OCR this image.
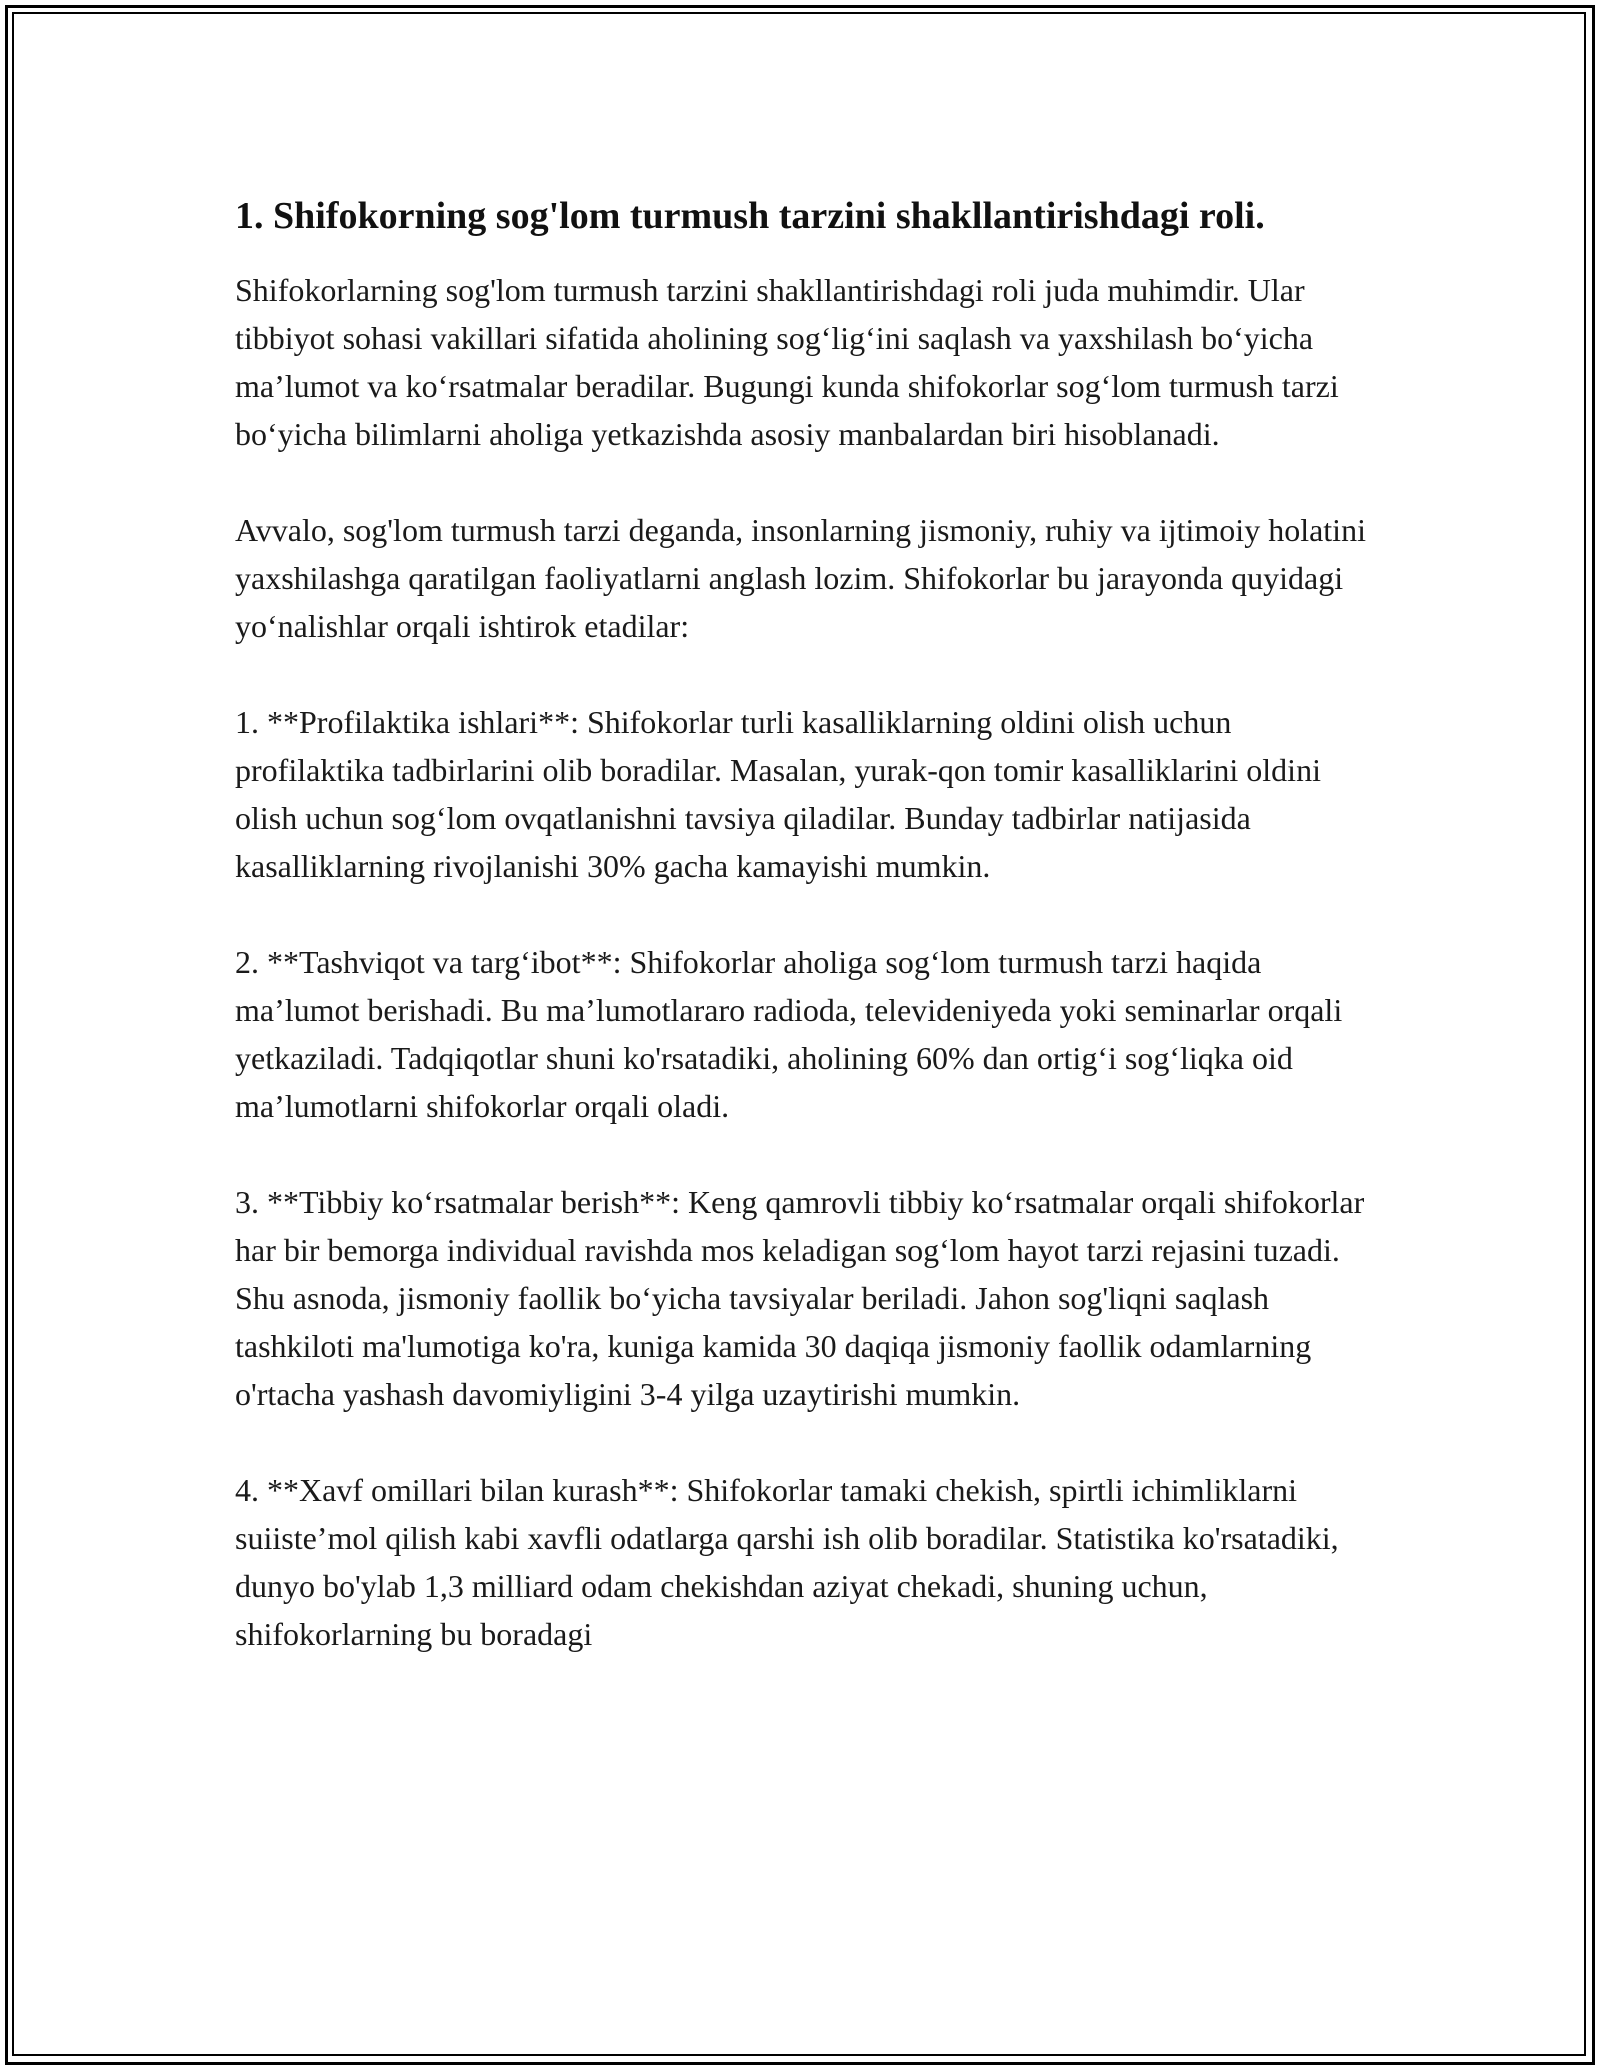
1. Shifokorning sog'lom turmush tarzini shakllantirishdagi roli.

Shifokorlarning sog'lom turmush tarzini shakllantirishdagi roli juda muhimdir. Ular tibbiyot sohasi vakillari sifatida aholining sog‘lig‘ini saqlash va yaxshilash bo‘yicha ma’lumot va ko‘rsatmalar beradilar. Bugungi kunda shifokorlar sog‘lom turmush tarzi bo‘yicha bilimlarni aholiga yetkazishda asosiy manbalardan biri hisoblanadi.

Avvalo, sog'lom turmush tarzi deganda, insonlarning jismoniy, ruhiy va ijtimoiy holatini yaxshilashga qaratilgan faoliyatlarni anglash lozim. Shifokorlar bu jarayonda quyidagi yo‘nalishlar orqali ishtirok etadilar:

1. **Profilaktika ishlari**: Shifokorlar turli kasalliklarning oldini olish uchun profilaktika tadbirlarini olib boradilar. Masalan, yurak-qon tomir kasalliklarini oldini olish uchun sog‘lom ovqatlanishni tavsiya qiladilar. Bunday tadbirlar natijasida kasalliklarning rivojlanishi 30% gacha kamayishi mumkin.

2. **Tashviqot va targ‘ibot**: Shifokorlar aholiga sog‘lom turmush tarzi haqida ma’lumot berishadi. Bu ma’lumotlararo radioda, televideniyeda yoki seminarlar orqali yetkaziladi. Tadqiqotlar shuni ko'rsatadiki, aholining 60% dan ortig‘i sog‘liqka oid ma’lumotlarni shifokorlar orqali oladi.

3. **Tibbiy ko‘rsatmalar berish**: Keng qamrovli tibbiy ko‘rsatmalar orqali shifokorlar har bir bemorga individual ravishda mos keladigan sog‘lom hayot tarzi rejasini tuzadi. Shu asnoda, jismoniy faollik bo‘yicha tavsiyalar beriladi. Jahon sog'liqni saqlash tashkiloti ma'lumotiga ko'ra, kuniga kamida 30 daqiqa jismoniy faollik odamlarning o'rtacha yashash davomiyligini 3-4 yilga uzaytirishi mumkin.

4. **Xavf omillari bilan kurash**: Shifokorlar tamaki chekish, spirtli ichimliklarni suiiste’mol qilish kabi xavfli odatlarga qarshi ish olib boradilar. Statistika ko'rsatadiki, dunyo bo'ylab 1,3 milliard odam chekishdan aziyat chekadi, shuning uchun, shifokorlarning bu boradagi
